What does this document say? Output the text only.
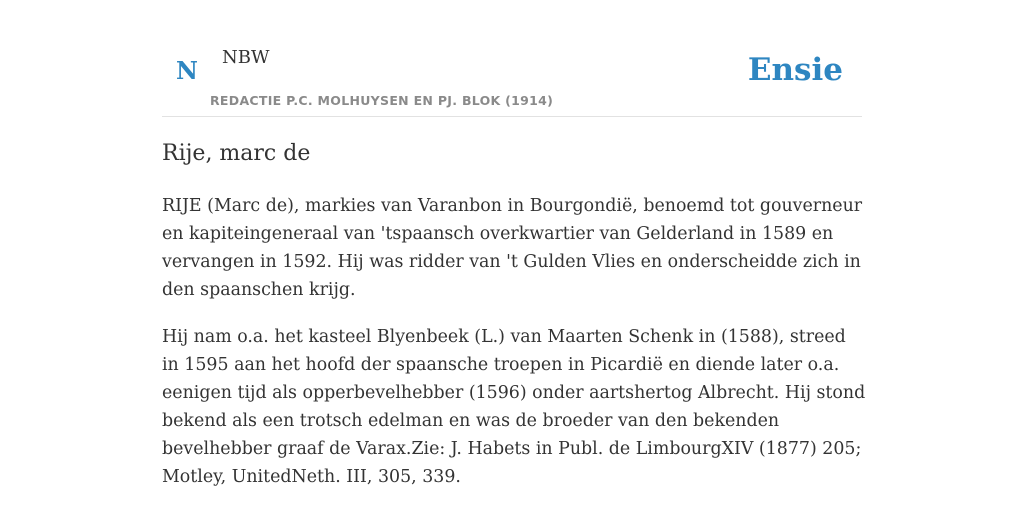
N NBW
REDACTIE P.C. MOLHUYSEN EN PJ. BLOK (1914)
Ensie
Rije, marc de

RIJE (Marc de), markies van Varanbon in Bourgondië, benoemd tot gouverneur en kapiteingeneraal van 'tspaansch overkwartier van Gelderland in 1589 en vervangen in 1592. Hij was ridder van 't Gulden Vlies en onderscheidde zich in den spaanschen krijg.

Hij nam o.a. het kasteel Blyenbeek (L.) van Maarten Schenk in (1588), streed in 1595 aan het hoofd der spaansche troepen in Picardië en diende later o.a. eenigen tijd als opperbevelhebber (1596) onder aartshertog Albrecht. Hij stond bekend als een trotsch edelman en was de broeder van den bekenden bevelhebber graaf de Varax.Zie: J. Habets in Publ. de LimbourgXIV (1877) 205; Motley, UnitedNeth. III, 305, 339.
